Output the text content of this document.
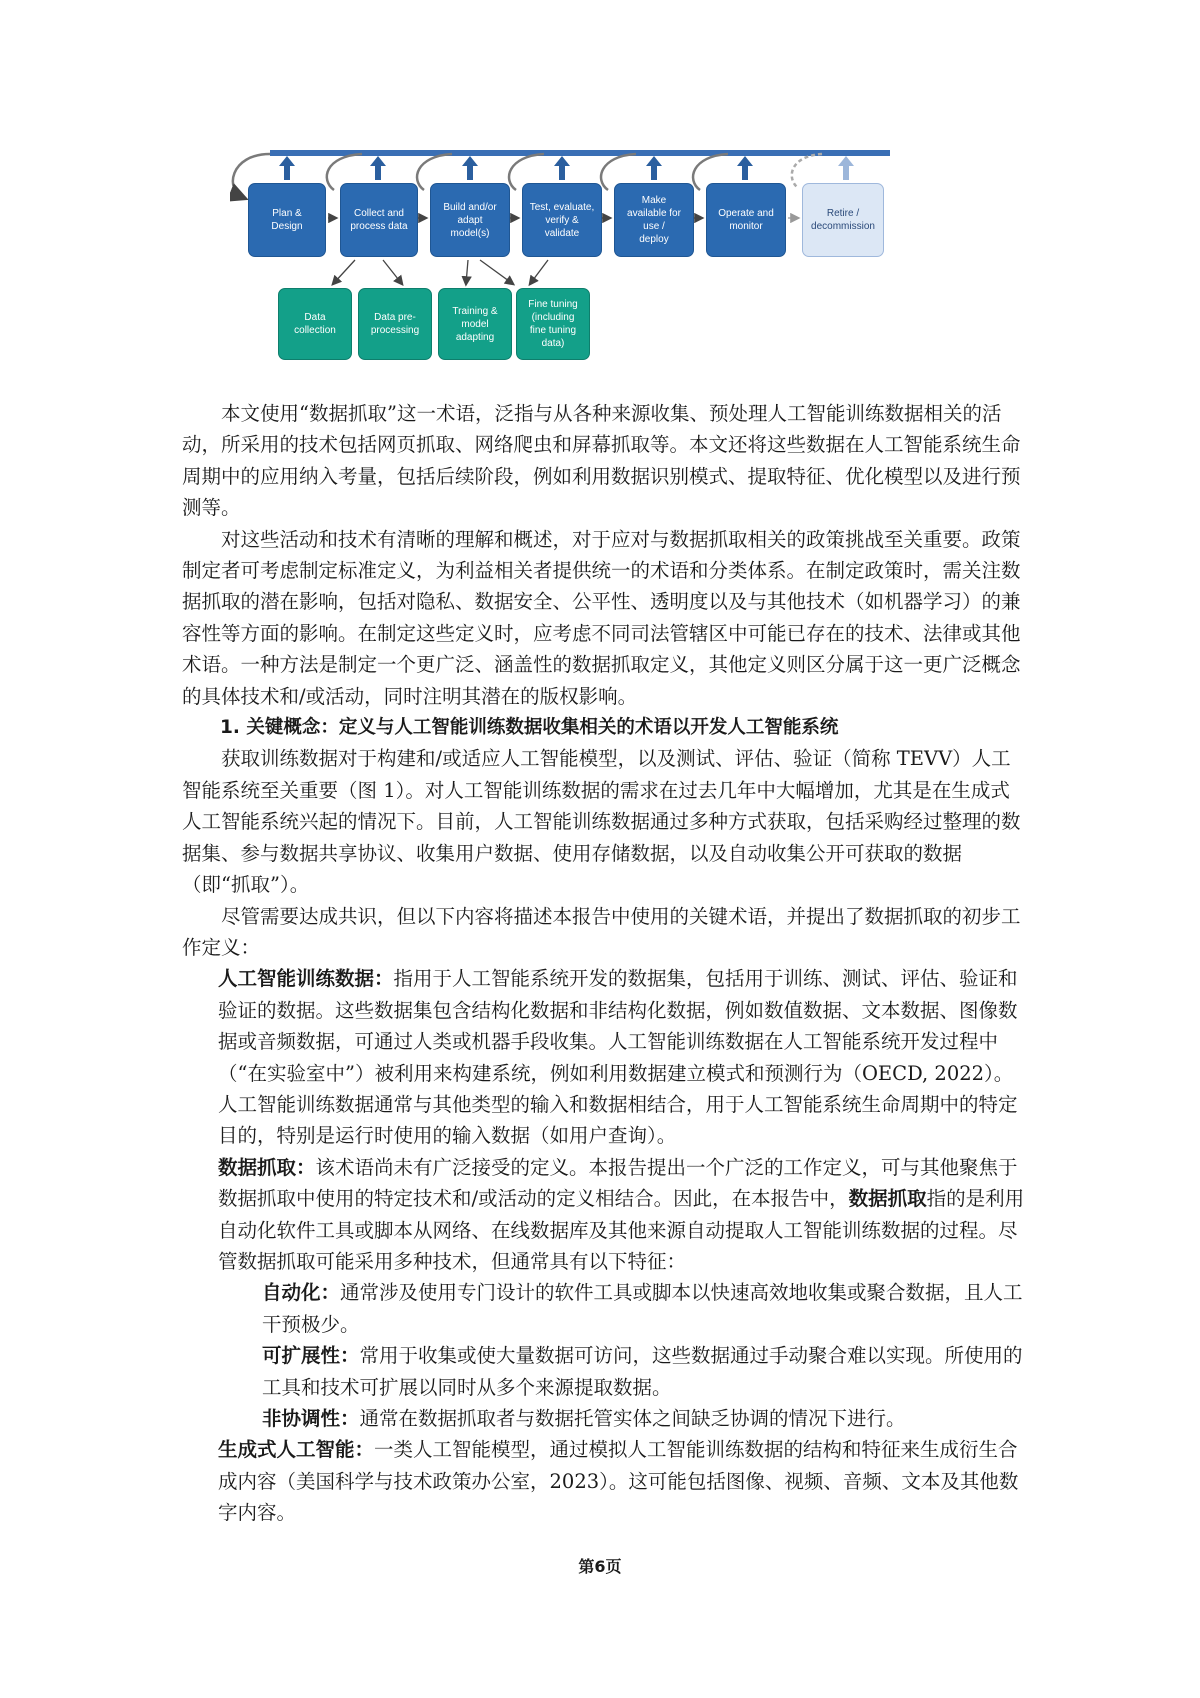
Plan &
Design
Collect and
process data
Build and/or
adapt
model(s)
Test, evaluate,
verify &
validate
Make
available for
use /
deploy
Operate and
monitor
Retire /
decommission
Data
collection
Data pre-
processing
Training &
model
adapting
Fine tuning
(including
fine tuning
data)

本文使用“数据抓取”这一术语，泛指与从各种来源收集、预处理人工智能训练数据相关的活动，所采用的技术包括网页抓取、网络爬虫和屏幕抓取等。本文还将这些数据在人工智能系统生命周期中的应用纳入考量，包括后续阶段，例如利用数据识别模式、提取特征、优化模型以及进行预测等。

对这些活动和技术有清晰的理解和概述，对于应对与数据抓取相关的政策挑战至关重要。政策制定者可考虑制定标准定义，为利益相关者提供统一的术语和分类体系。在制定政策时，需关注数据抓取的潜在影响，包括对隐私、数据安全、公平性、透明度以及与其他技术（如机器学习）的兼容性等方面的影响。在制定这些定义时，应考虑不同司法管辖区中可能已存在的技术、法律或其他术语。一种方法是制定一个更广泛、涵盖性的数据抓取定义，其他定义则区分属于这一更广泛概念的具体技术和/或活动，同时注明其潜在的版权影响。

1. 关键概念：定义与人工智能训练数据收集相关的术语以开发人工智能系统

获取训练数据对于构建和/或适应人工智能模型，以及测试、评估、验证（简称 TEVV）人工智能系统至关重要（图 1）。对人工智能训练数据的需求在过去几年中大幅增加，尤其是在生成式人工智能系统兴起的情况下。目前，人工智能训练数据通过多种方式获取，包括采购经过整理的数据集、参与数据共享协议、收集用户数据、使用存储数据，以及自动收集公开可获取的数据（即“抓取”）。

尽管需要达成共识，但以下内容将描述本报告中使用的关键术语，并提出了数据抓取的初步工作定义：

人工智能训练数据：指用于人工智能系统开发的数据集，包括用于训练、测试、评估、验证和验证的数据。这些数据集包含结构化数据和非结构化数据，例如数值数据、文本数据、图像数据或音频数据，可通过人类或机器手段收集。人工智能训练数据在人工智能系统开发过程中（“在实验室中”）被利用来构建系统，例如利用数据建立模式和预测行为（OECD, 2022）。人工智能训练数据通常与其他类型的输入和数据相结合，用于人工智能系统生命周期中的特定目的，特别是运行时使用的输入数据（如用户查询）。

数据抓取：该术语尚未有广泛接受的定义。本报告提出一个广泛的工作定义，可与其他聚焦于数据抓取中使用的特定技术和/或活动的定义相结合。因此，在本报告中，数据抓取指的是利用自动化软件工具或脚本从网络、在线数据库及其他来源自动提取人工智能训练数据的过程。尽管数据抓取可能采用多种技术，但通常具有以下特征：

自动化：通常涉及使用专门设计的软件工具或脚本以快速高效地收集或聚合数据，且人工干预极少。

可扩展性：常用于收集或使大量数据可访问，这些数据通过手动聚合难以实现。所使用的工具和技术可扩展以同时从多个来源提取数据。

非协调性：通常在数据抓取者与数据托管实体之间缺乏协调的情况下进行。

生成式人工智能：一类人工智能模型，通过模拟人工智能训练数据的结构和特征来生成衍生合成内容（美国科学与技术政策办公室，2023）。这可能包括图像、视频、音频、文本及其他数字内容。

第6页
